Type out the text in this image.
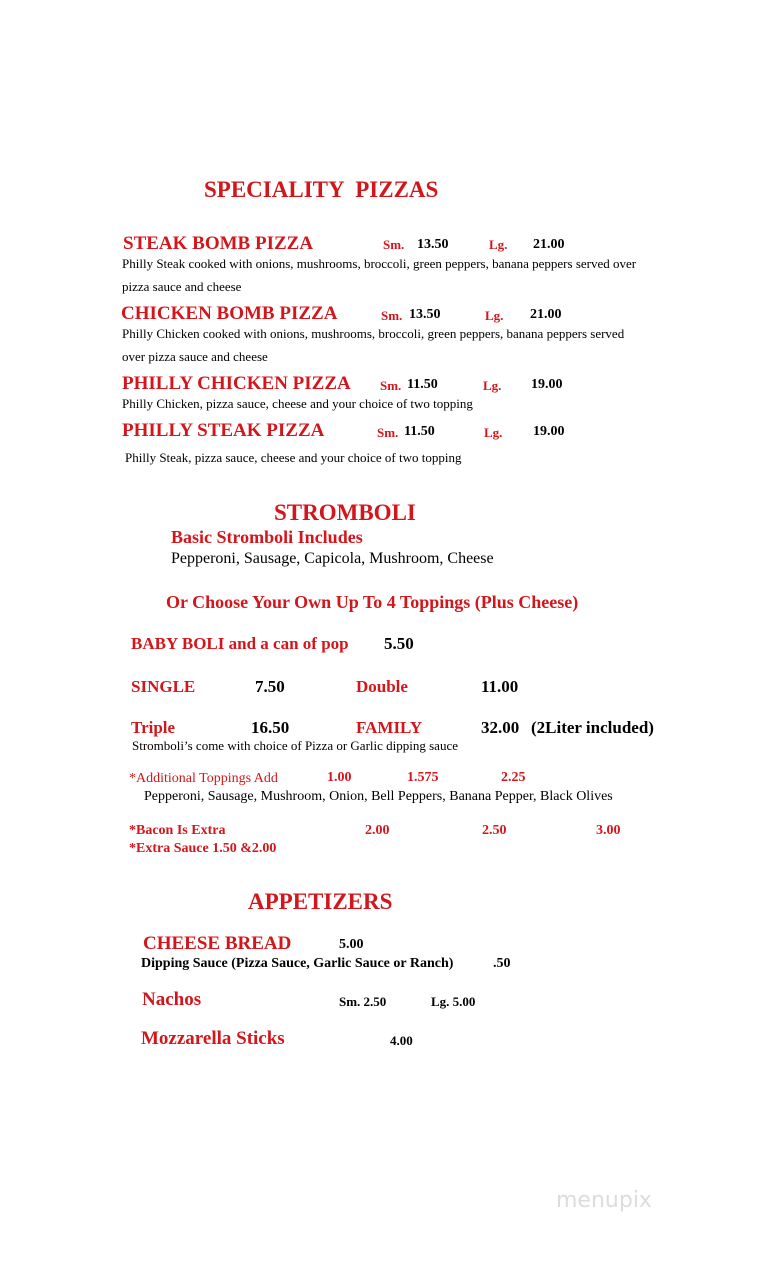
SPECIALITY  PIZZAS
STEAK BOMB PIZZA	Sm. 13.50	Lg. 21.00
Philly Steak cooked with onions, mushrooms, broccoli, green peppers, banana peppers served over
pizza sauce and cheese
CHICKEN BOMB PIZZA	Sm. 13.50	Lg. 21.00
Philly Chicken cooked with onions, mushrooms, broccoli, green peppers, banana peppers served
over pizza sauce and cheese
PHILLY CHICKEN PIZZA Sm. 11.50	Lg. 19.00
Philly Chicken, pizza sauce, cheese and your choice of two topping
PHILLY STEAK PIZZA	Sm. 11.50	Lg. 19.00
Philly Steak, pizza sauce, cheese and your choice of two topping
STROMBOLI
Basic Stromboli Includes
Pepperoni, Sausage, Capicola, Mushroom, Cheese
Or Choose Your Own Up To 4 Toppings (Plus Cheese)
BABY BOLI and a can of pop 5.50
SINGLE	7.50	Double	11.00
Triple	16.50	FAMILY	32.00 (2Liter included)
Stromboli’s come with choice of Pizza or Garlic dipping sauce
*Additional Toppings Add	1.00	1.575	2.25
Pepperoni, Sausage, Mushroom, Onion, Bell Peppers, Banana Pepper, Black Olives
*Bacon Is Extra	2.00	2.50	3.00
*Extra Sauce 1.50 &2.00
APPETIZERS
CHEESE BREAD	5.00
Dipping Sauce (Pizza Sauce, Garlic Sauce or Ranch)	.50
Nachos	Sm. 2.50	Lg. 5.00
Mozzarella Sticks	4.00
menupix
